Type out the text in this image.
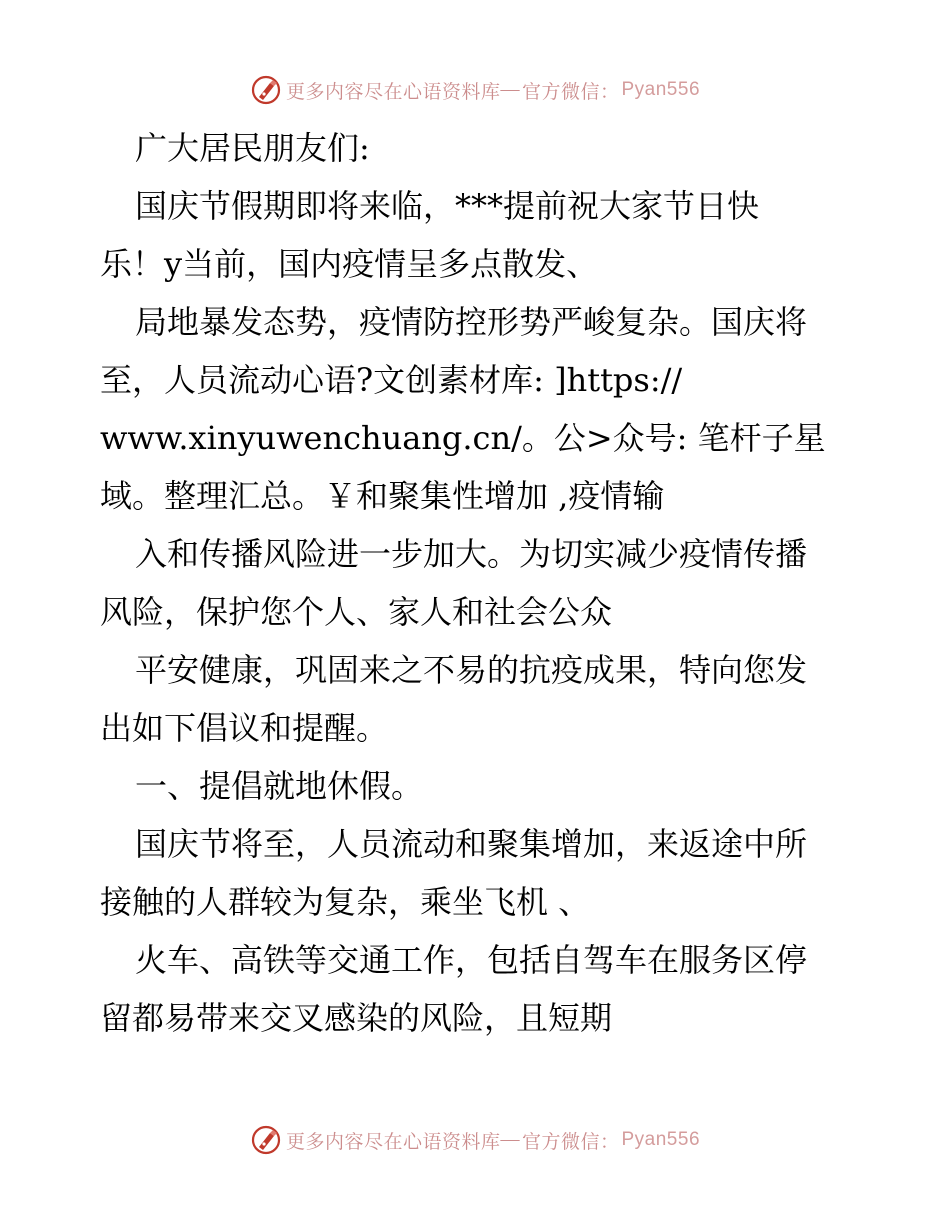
更多内容尽在心语资料库 — 官方微信： Pyan556
广大居民朋友们:
国庆节假期即将来临，***提前祝大家节日快
乐！y当前，国内疫情呈多点散发、
局地暴发态势，疫情防控形势严峻复杂。国庆将
至，人员流动心语?文创素材库: ]https://
www.xinyuwenchuang.cn/。公>众号: 笔杆子星
域。整理汇总。￥和聚集性增加 ,疫情输
入和传播风险进一步加大。为切实减少疫情传播
风险，保护您个人、家人和社会公众
平安健康，巩固来之不易的抗疫成果，特向您发
出如下倡议和提醒。
一、提倡就地休假。
国庆节将至，人员流动和聚集增加，来返途中所
接触的人群较为复杂，乘坐飞机 、
火车、高铁等交通工作，包括自驾车在服务区停
留都易带来交叉感染的风险，且短期
更多内容尽在心语资料库 — 官方微信： Pyan556
